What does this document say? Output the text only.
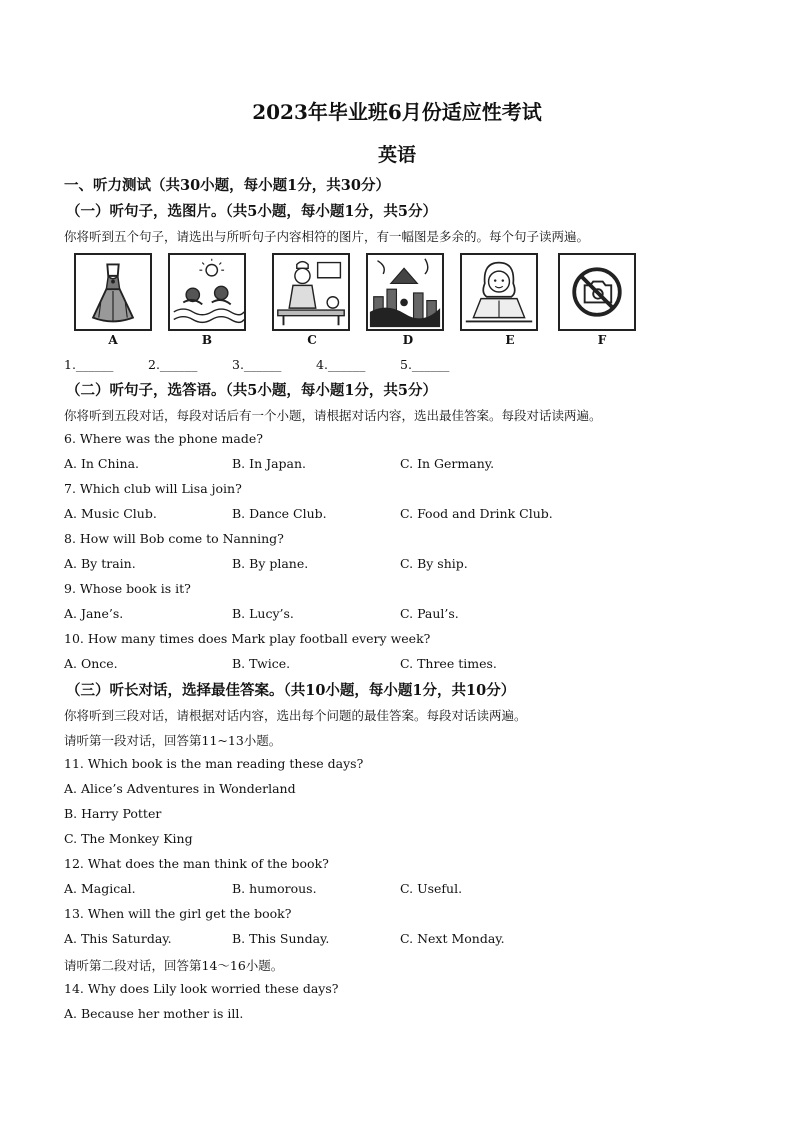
2023年毕业班6月份适应性考试
英语
一、听力测试（共30小题，每小题1分，共30分）
（一）听句子，选图片。（共5小题，每小题1分，共5分）
你将听到五个句子，请选出与所听句子内容相符的图片，有一幅图是多余的。每个句子读两遍。
A	B	C	D	E	F
1.______	2.______	3.______	4.______	5.______
（二）听句子，选答语。（共5小题，每小题1分，共5分）
你将听到五段对话，每段对话后有一个小题，请根据对话内容，选出最佳答案。每段对话读两遍。
6. Where was the phone made?
A. In China.	B. In Japan.	C. In Germany.
7. Which club will Lisa join?
A. Music Club.	B. Dance Club.	C. Food and Drink Club.
8. How will Bob come to Nanning?
A. By train.	B. By plane.	C. By ship.
9. Whose book is it?
A. Jane’s.	B. Lucy’s.	C. Paul’s.
10. How many times does Mark play football every week?
A. Once.	B. Twice.	C. Three times.
（三）听长对话，选择最佳答案。（共10小题，每小题1分，共10分）
你将听到三段对话，请根据对话内容，选出每个问题的最佳答案。每段对话读两遍。
请听第一段对话，回答第11~13小题。
11. Which book is the man reading these days?
A. Alice’s Adventures in Wonderland
B. Harry Potter
C. The Monkey King
12. What does the man think of the book?
A. Magical.	B. humorous.	C. Useful.
13. When will the girl get the book?
A. This Saturday.	B. This Sunday.	C. Next Monday.
请听第二段对话，回答第14～16小题。
14. Why does Lily look worried these days?
A. Because her mother is ill.
